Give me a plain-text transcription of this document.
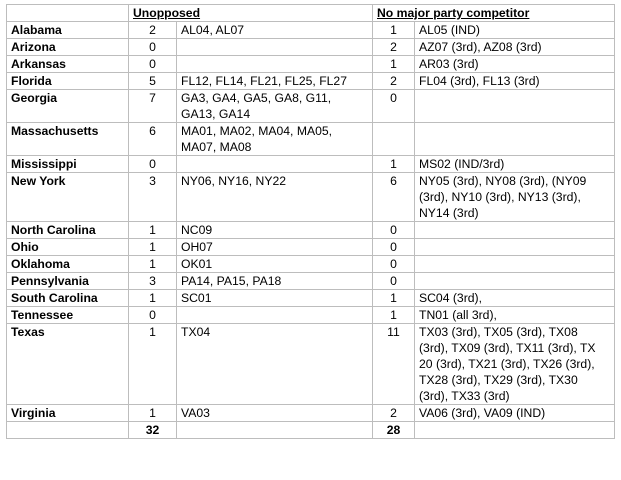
	Unopposed		No major party competitor	
Alabama	2	AL04, AL07	1	AL05 (IND)
Arizona	0		2	AZ07 (3rd), AZ08 (3rd)
Arkansas	0		1	AR03 (3rd)
Florida	5	FL12, FL14, FL21, FL25, FL27	2	FL04 (3rd), FL13 (3rd)
Georgia	7	GA3, GA4, GA5, GA8, G11, GA13, GA14	0	
Massachusetts	6	MA01, MA02, MA04, MA05, MA07, MA08		
Mississippi	0		1	MS02 (IND/3rd)
New York	3	NY06, NY16, NY22	6	NY05 (3rd), NY08 (3rd), (NY09 (3rd), NY10 (3rd), NY13 (3rd), NY14 (3rd)
North Carolina	1	NC09	0	
Ohio	1	OH07	0	
Oklahoma	1	OK01	0	
Pennsylvania	3	PA14, PA15, PA18	0	
South Carolina	1	SC01	1	SC04 (3rd),
Tennessee	0		1	TN01 (all 3rd),
Texas	1	TX04	11	TX03 (3rd), TX05 (3rd), TX08 (3rd), TX09 (3rd), TX11 (3rd), TX 20 (3rd), TX21 (3rd), TX26 (3rd), TX28 (3rd), TX29 (3rd), TX30 (3rd), TX33 (3rd)
Virginia	1	VA03	2	VA06 (3rd), VA09 (IND)
	32		28	
